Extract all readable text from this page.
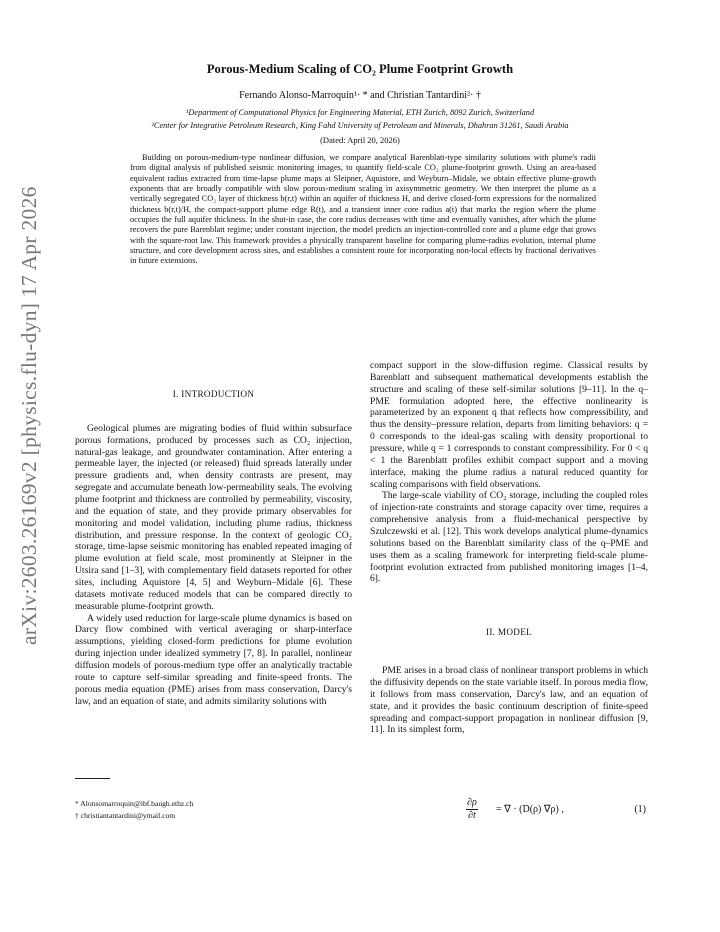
arXiv:2603.26169v2 [physics.flu-dyn] 17 Apr 2026
Porous-Medium Scaling of CO₂ Plume Footprint Growth
Fernando Alonso-Marroquín¹· * and Christian Tantardini²· †
¹Department of Computational Physics for Engineering Material, ETH Zurich, 8092 Zurich, Switzerland
²Center for Integrative Petroleum Research, King Fahd University of Petroleum and Minerals, Dhahran 31261, Saudi Arabia
(Dated: April 20, 2026)
Building on porous-medium-type nonlinear diffusion, we compare analytical Barenblatt-type similarity solutions with plume's radii from digital analysis of published seismic monitoring images, to quantify field-scale CO₂ plume-footprint growth. Using an area-based equivalent radius extracted from time-lapse plume maps at Sleipner, Aquistore, and Weyburn–Midale, we obtain effective plume-growth exponents that are broadly compatible with slow porous-medium scaling in axisymmetric geometry. We then interpret the plume as a vertically segregated CO₂ layer of thickness b(r,t) within an aquifer of thickness H, and derive closed-form expressions for the normalized thickness b(r,t)/H, the compact-support plume edge R(t), and a transient inner core radius a(t) that marks the region where the plume occupies the full aquifer thickness. In the shut-in case, the core radius decreases with time and eventually vanishes, after which the plume recovers the pure Barenblatt regime; under constant injection, the model predicts an injection-controlled core and a plume edge that grows with the square-root law. This framework provides a physically transparent baseline for comparing plume-radius evolution, internal plume structure, and core development across sites, and establishes a consistent route for incorporating non-local effects by fractional derivatives in future extensions.
I. INTRODUCTION

Geological plumes are migrating bodies of fluid within subsurface porous formations, produced by processes such as CO₂ injection, natural-gas leakage, and groundwater contamination. After entering a permeable layer, the injected (or released) fluid spreads laterally under pressure gradients and, when density contrasts are present, may segregate and accumulate beneath low-permeability seals. The evolving plume footprint and thickness are controlled by permeability, viscosity, and the equation of state, and they provide primary observables for monitoring and model validation, including plume radius, thickness distribution, and pressure response. In the context of geologic CO₂ storage, time-lapse seismic monitoring has enabled repeated imaging of plume evolution at field scale, most prominently at Sleipner in the Utsira sand [1–3], with complementary field datasets reported for other sites, including Aquistore [4, 5] and Weyburn–Midale [6]. These datasets motivate reduced models that can be compared directly to measurable plume-footprint growth.

A widely used reduction for large-scale plume dynamics is based on Darcy flow combined with vertical averaging or sharp-interface assumptions, yielding closed-form predictions for plume evolution during injection under idealized symmetry [7, 8]. In parallel, nonlinear diffusion models of porous-medium type offer an analytically tractable route to capture self-similar spreading and finite-speed fronts. The porous media equation (PME) arises from mass conservation, Darcy's law, and an equation of state, and admits similarity solutions with

compact support in the slow-diffusion regime. Classical results by Barenblatt and subsequent mathematical developments establish the structure and scaling of these self-similar solutions [9–11]. In the q–PME formulation adopted here, the effective nonlinearity is parameterized by an exponent q that reflects how compressibility, and thus the density–pressure relation, departs from limiting behaviors: q = 0 corresponds to the ideal-gas scaling with density proportional to pressure, while q = 1 corresponds to constant compressibility. For 0 < q < 1 the Barenblatt profiles exhibit compact support and a moving interface, making the plume radius a natural reduced quantity for scaling comparisons with field observations.

The large-scale viability of CO₂ storage, including the coupled roles of injection-rate constraints and storage capacity over time, requires a comprehensive analysis from a fluid-mechanical perspective by Szulczewski et al. [12]. This work develops analytical plume-dynamics solutions based on the Barenblatt similarity class of the q–PME and uses them as a scaling framework for interpreting field-scale plume-footprint evolution extracted from published monitoring images [1–4, 6].

II. MODEL

PME arises in a broad class of nonlinear transport problems in which the diffusivity depends on the state variable itself. In porous media flow, it follows from mass conservation, Darcy's law, and an equation of state, and it provides the basic continuum description of finite-speed spreading and compact-support propagation in nonlinear diffusion [9, 11]. In its simplest form,

$\frac{\partial\rho}{\partial t}$ = ∇ · (D(ρ) ∇ρ) ,	(1)
* Alonsomarroquin@ibf.baugh.ethz.ch
† christiantantardini@ymail.com
